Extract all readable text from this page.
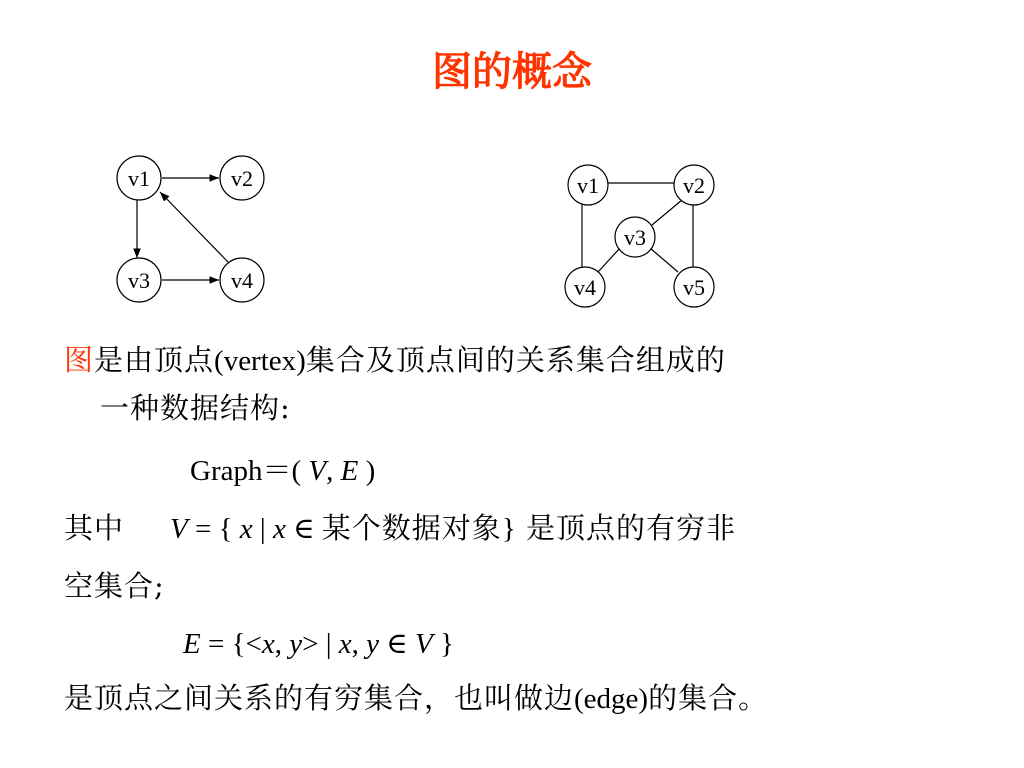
图的概念
v1	v2
v3	v4
v1	v2
v3
v4	v5
图是由顶点(vertex)集合及顶点间的关系集合组成的
一种数据结构:
Graph＝( V, E )
其中 V = { x | x ∈ 某个数据对象} 是顶点的有穷非
空集合;
E = {<x, y> | x, y ∈ V }
是顶点之间关系的有穷集合，也叫做边(edge)的集合。
